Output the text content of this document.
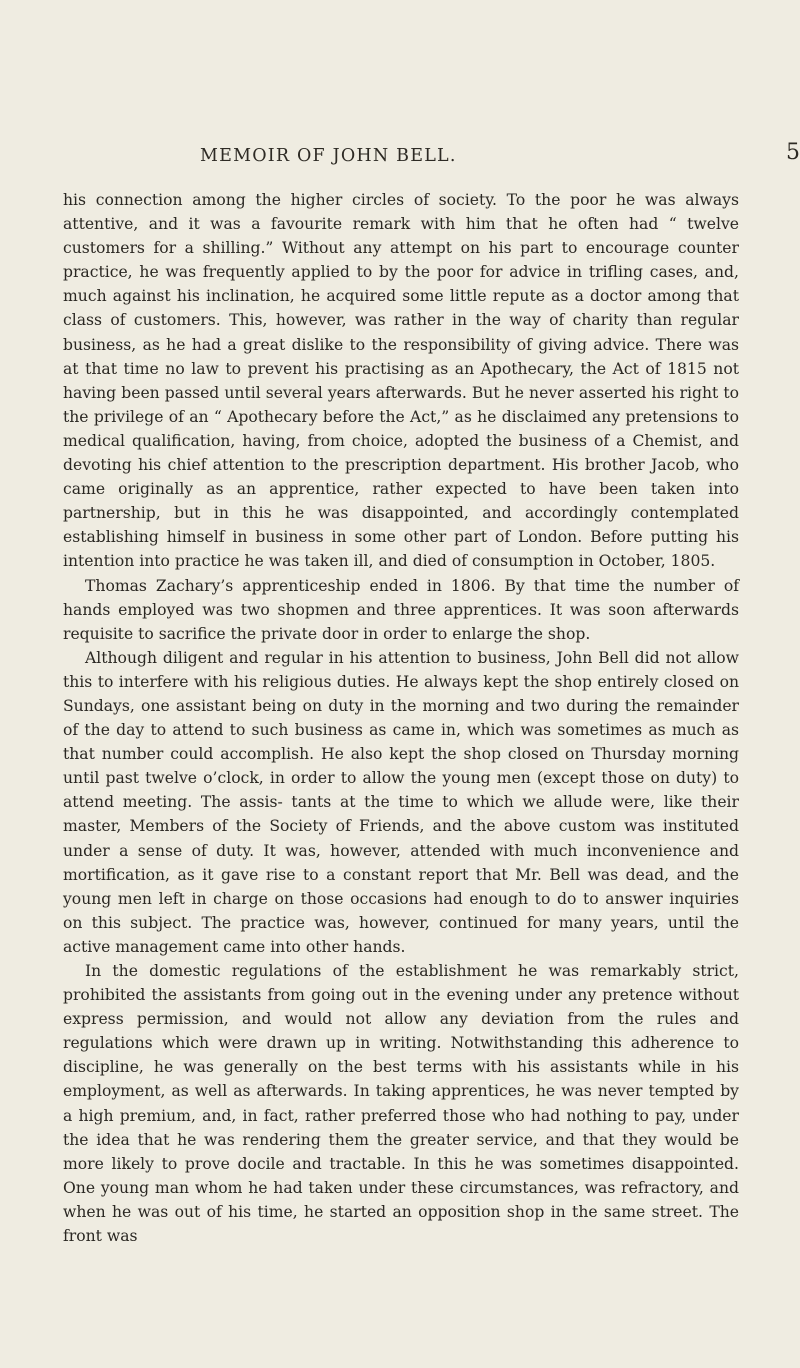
MEMOIR OF JOHN BELL.	5

his connection among the higher circles of society. To the poor he was always attentive, and it was a favourite remark with him that he often had “ twelve customers for a shilling.” Without any attempt on his part to encourage counter practice, he was frequently applied to by the poor for advice in trifling cases, and, much against his inclination, he acquired some little repute as a doctor among that class of customers. This, however, was rather in the way of charity than regular business, as he had a great dislike to the responsibility of giving advice. There was at that time no law to prevent his practising as an Apothecary, the Act of 1815 not having been passed until several years afterwards. But he never asserted his right to the privilege of an “ Apothecary before the Act,” as he disclaimed any pretensions to medical qualification, having, from choice, adopted the business of a Chemist, and devoting his chief attention to the prescription department. His brother Jacob, who came originally as an apprentice, rather expected to have been taken into partnership, but in this he was disappointed, and accordingly contemplated establishing himself in business in some other part of London. Before putting his intention into practice he was taken ill, and died of consumption in October, 1805.

Thomas Zachary’s apprenticeship ended in 1806. By that time the number of hands employed was two shopmen and three apprentices. It was soon afterwards requisite to sacrifice the private door in order to enlarge the shop.

Although diligent and regular in his attention to business, John Bell did not allow this to interfere with his religious duties. He always kept the shop entirely closed on Sundays, one assistant being on duty in the morning and two during the remainder of the day to attend to such business as came in, which was sometimes as much as that number could accomplish. He also kept the shop closed on Thursday morning until past twelve o’clock, in order to allow the young men (except those on duty) to attend meeting. The assis- tants at the time to which we allude were, like their master, Members of the Society of Friends, and the above custom was instituted under a sense of duty. It was, however, attended with much inconvenience and mortification, as it gave rise to a constant report that Mr. Bell was dead, and the young men left in charge on those occasions had enough to do to answer inquiries on this subject. The practice was, however, continued for many years, until the active management came into other hands.

In the domestic regulations of the establishment he was remarkably strict, prohibited the assistants from going out in the evening under any pretence without express permission, and would not allow any deviation from the rules and regulations which were drawn up in writing. Notwithstanding this adherence to discipline, he was generally on the best terms with his assistants while in his employment, as well as afterwards. In taking apprentices, he was never tempted by a high premium, and, in fact, rather preferred those who had nothing to pay, under the idea that he was rendering them the greater service, and that they would be more likely to prove docile and tractable. In this he was sometimes disappointed. One young man whom he had taken under these circumstances, was refractory, and when he was out of his time, he started an opposition shop in the same street. The front was
